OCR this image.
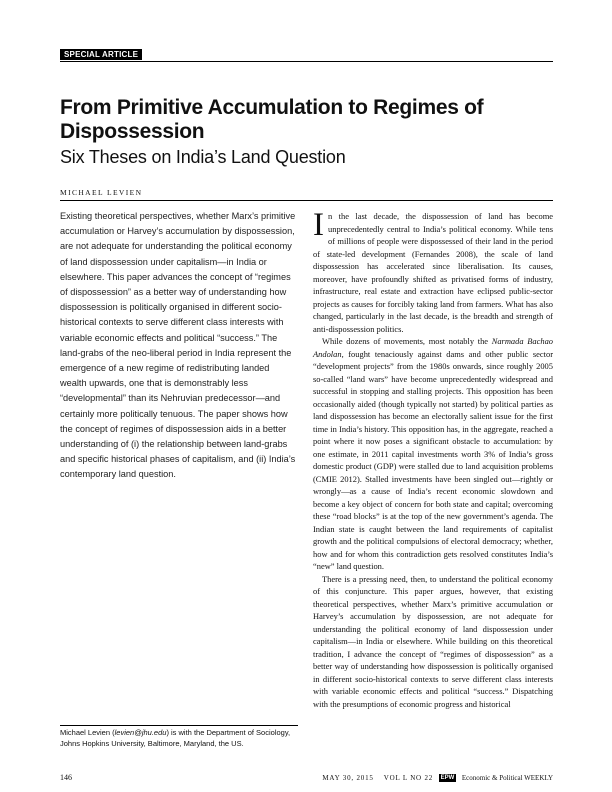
SPECIAL ARTICLE
From Primitive Accumulation to Regimes of Dispossession
Six Theses on India’s Land Question
MICHAEL LEVIEN

Existing theoretical perspectives, whether Marx’s primitive accumulation or Harvey’s accumulation by dispossession, are not adequate for understanding the political economy of land dispossession under capitalism—in India or elsewhere. This paper advances the concept of “regimes of dispossession” as a better way of understanding how dispossession is politically organised in different socio-historical contexts to serve different class interests with variable economic effects and political “success.” The land-grabs of the neo-liberal period in India represent the emergence of a new regime of redistributing landed wealth upwards, one that is demonstrably less “developmental” than its Nehruvian predecessor—and certainly more politically tenuous. The paper shows how the concept of regimes of dispossession aids in a better understanding of (i) the relationship between land-grabs and specific historical phases of capitalism, and (ii) India’s contemporary land question.

Michael Levien (levien@jhu.edu) is with the Department of Sociology, Johns Hopkins University, Baltimore, Maryland, the US.

In the last decade, the dispossession of land has become unprecedentedly central to India’s political economy. While tens of millions of people were dispossessed of their land in the period of state-led development (Fernandes 2008), the scale of land dispossession has accelerated since liberalisation. Its causes, moreover, have profoundly shifted as privatised forms of industry, infrastructure, real estate and extraction have eclipsed public-sector projects as causes for forcibly taking land from farmers. What has also changed, particularly in the last decade, is the breadth and strength of anti-dispossession politics.

While dozens of movements, most notably the Narmada Bachao Andolan, fought tenaciously against dams and other public sector “development projects” from the 1980s onwards, since roughly 2005 so-called “land wars” have become unprecedentedly widespread and successful in stopping and stalling projects. This opposition has been occasionally aided (though typically not started) by political parties as land dispossession has become an electorally salient issue for the first time in India’s history. This opposition has, in the aggregate, reached a point where it now poses a significant obstacle to accumulation: by one estimate, in 2011 capital investments worth 3% of India’s gross domestic product (GDP) were stalled due to land acquisition problems (CMIE 2012). Stalled investments have been singled out—rightly or wrongly—as a cause of India’s recent economic slowdown and become a key object of concern for both state and capital; overcoming these “road blocks” is at the top of the new government’s agenda. The Indian state is caught between the land requirements of capitalist growth and the political compulsions of electoral democracy; whether, how and for whom this contradiction gets resolved constitutes India’s “new” land question.

There is a pressing need, then, to understand the political economy of this conjuncture. This paper argues, however, that existing theoretical perspectives, whether Marx’s primitive accumulation or Harvey’s accumulation by dispossession, are not adequate for understanding the political economy of land dispossession under capitalism—in India or elsewhere. While building on this theoretical tradition, I advance the concept of “regimes of dispossession” as a better way of understanding how dispossession is politically organised in different socio-historical contexts to serve different class interests with variable economic effects and political “success.” Dispatching with the presumptions of economic progress and historical

146	MAY 30, 2015    VOL L NO 22 EPW Economic & Political WEEKLY
